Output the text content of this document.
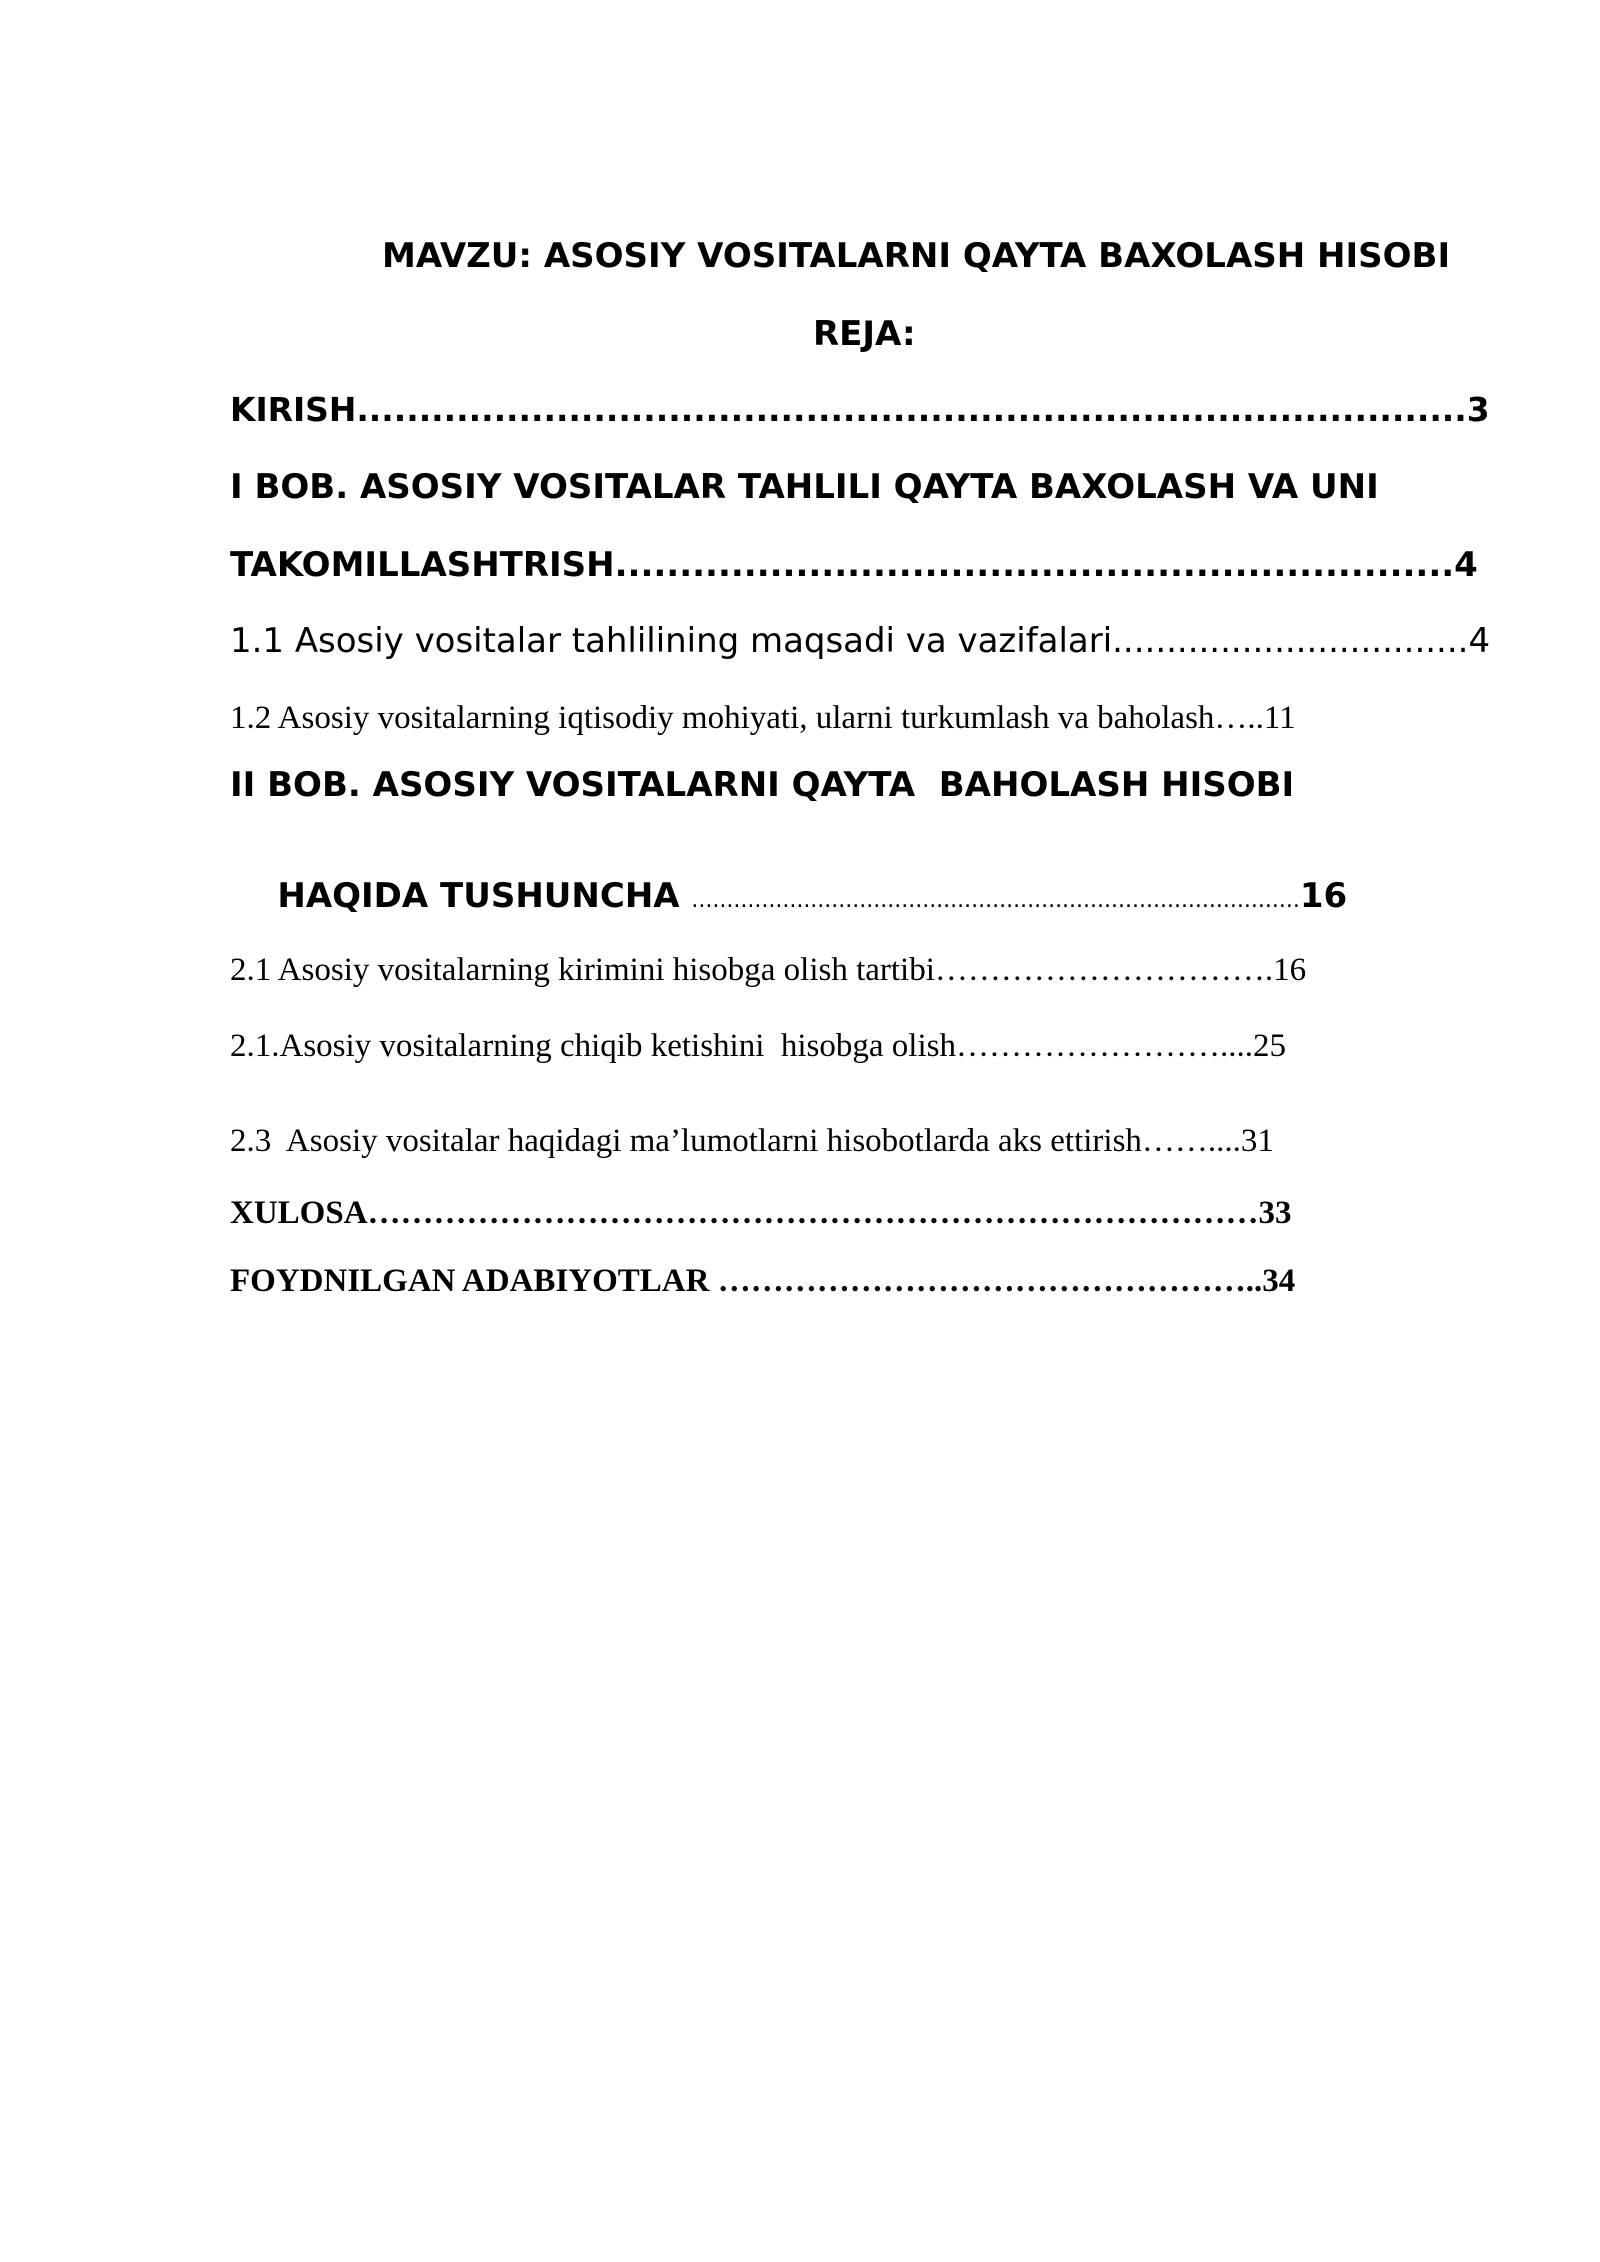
MAVZU: ASOSIY VOSITALARNI QAYTA BAXOLASH HISOBI
REJA:
KIRISH.........................................................................................3
I BOB. ASOSIY VOSITALAR TAHLILI QAYTA BAXOLASH VA UNI
TAKOMILLASHTRISH.................................................................4
1.1 Asosiy vositalar tahlilining maqsadi va vazifalari.................................4
1.2 Asosiy vositalarning iqtisodiy mohiyati, ularni turkumlash va baholash…..11
II BOB. ASOSIY VOSITALARNI QAYTA  BAHOLASH HISOBI

HAQIDA TUSHUNCHA .......................................................................................16

2.1 Asosiy vositalarning kirimini hisobga olish tartibi………………………….16
2.1.Asosiy vositalarning chiqib ketishini  hisobga olish……………………....25
2.3  Asosiy vositalar haqidagi ma’lumotlarni hisobotlarda aks ettirish……....31
XULOSA………………………………………………………………………33
FOYDNILGAN ADABIYOTLAR …………………………………………..34
